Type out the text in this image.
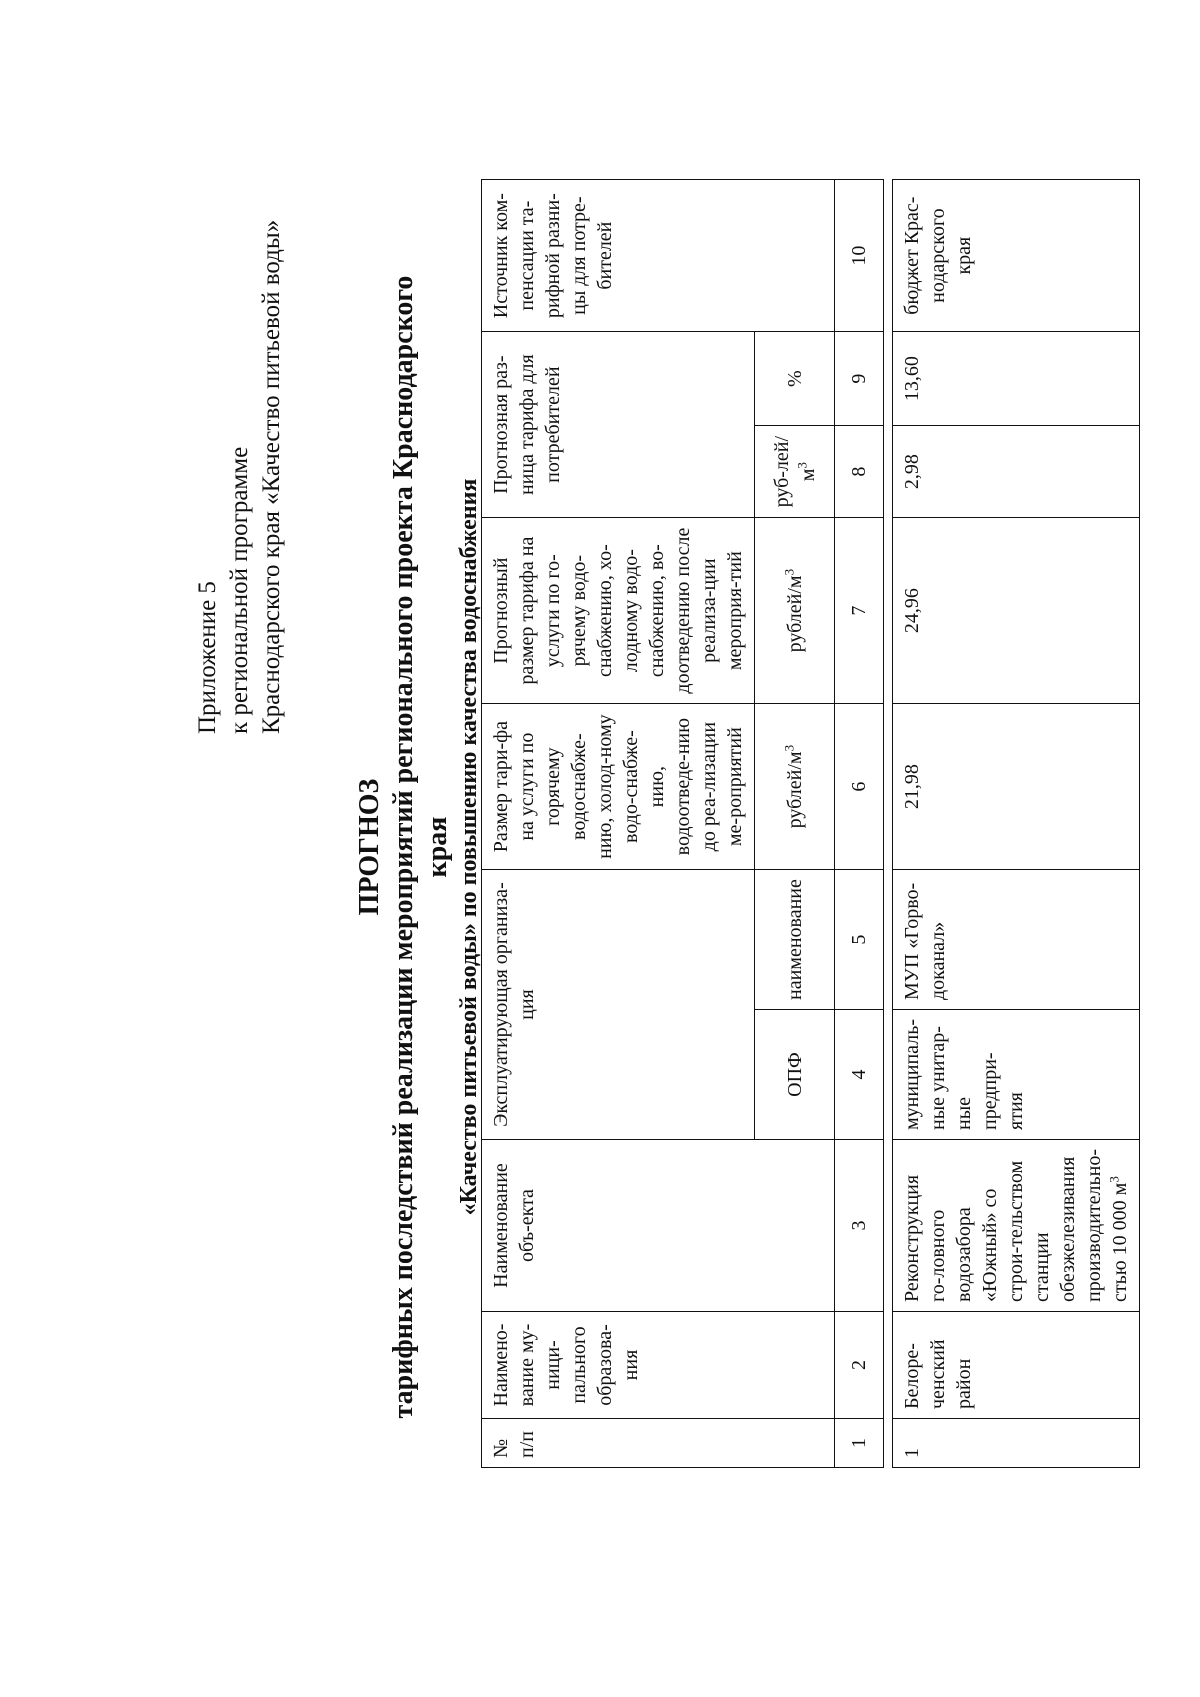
Приложение 5 к региональной программе Краснодарского края «Качество питьевой воды»
ПРОГНОЗ тарифных последствий реализации мероприятий регионального проекта Краснодарского края «Качество питьевой воды» по повышению качества водоснабжения
№ п/п	Наимено-вание му-ници-пального образова-ния	Наименование объ-екта	Эксплуатирующая организа-ция		Размер тари-фа на услуги по горячему водоснабже-нию, холод-ному водо-снабже-нию, водоотведе-нию до реа-лизации ме-роприятий	Прогнозный размер тарифа на услуги по го-рячему водо-снабжению, хо-лодному водо-снабжению, во-доотведению после реализа-ции мероприя-тий	Прогнозная раз-ница тарифа для потребителей		Источник ком-пенсации та-рифной разни-цы для потре-бителей
			ОПФ	наименование	рублей/$м^3$	рублей/$м^3$	руб-$лей/м^3$	%	
1	2	3	4	5	6	7	8	9	10

1	Белоре-ченский район	Реконструкция го-ловного водозабора «Южный» со строи-тельством станции обезжелезивания производительно-стью 10 000 $м^3$	муниципаль-ные унитар-ные предпри-ятия	МУП «Горво-доканал»	21,98	24,96	2,98	13,60	бюджет Крас-нодарского края
